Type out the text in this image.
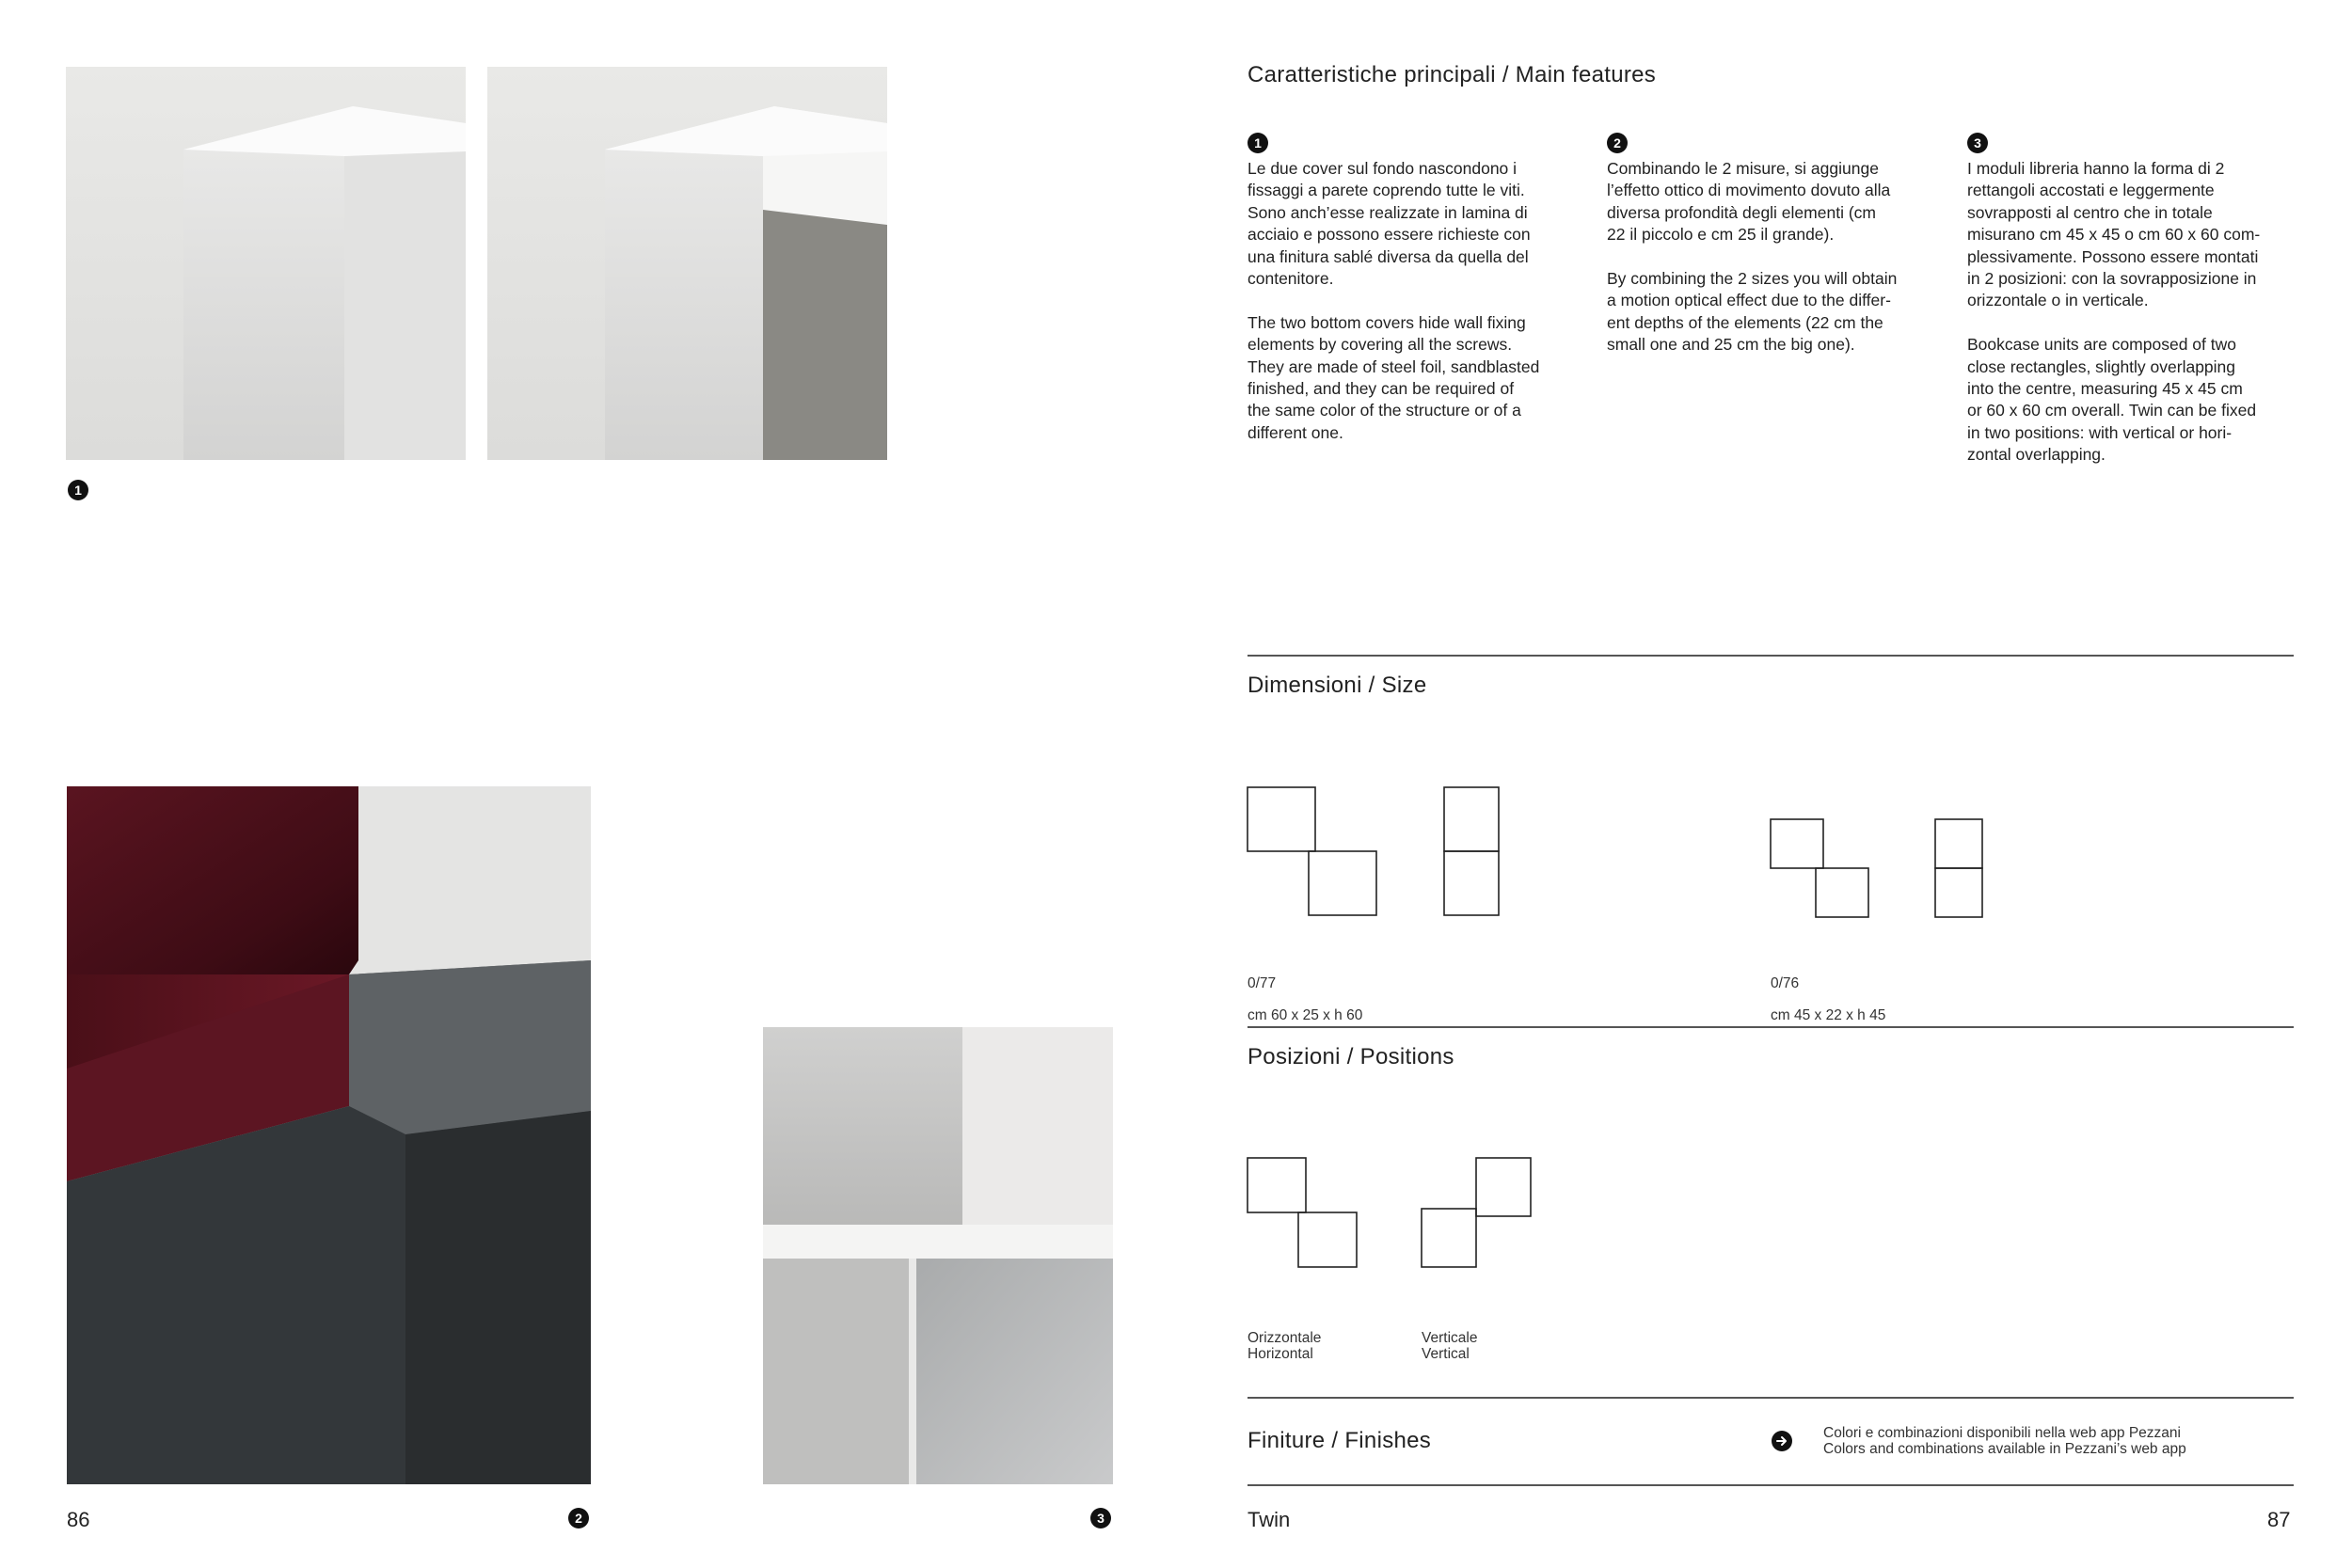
1
2	3
86
Caratteristiche principali / Main features
1	2	3
Le due cover sul fondo nascondono i
fissaggi a parete coprendo tutte le viti.
Sono anch’esse realizzate in lamina di
acciaio e possono essere richieste con
una finitura sablé diversa da quella del
contenitore.

The two bottom covers hide wall fixing
elements by covering all the screws.
They are made of steel foil, sandblasted
finished, and they can be required of
the same color of the structure or of a
different one.
Combinando le 2 misure, si aggiunge
l’effetto ottico di movimento dovuto alla
diversa profondità degli elementi (cm
22 il piccolo e cm 25 il grande).

By combining the 2 sizes you will obtain
a motion optical effect due to the differ-
ent depths of the elements (22 cm the
small one and 25 cm the big one).
I moduli libreria hanno la forma di 2
rettangoli accostati e leggermente
sovrapposti al centro che in totale
misurano cm 45 x 45 o cm 60 x 60 com-
plessivamente. Possono essere montati
in 2 posizioni: con la sovrapposizione in
orizzontale o in verticale.

Bookcase units are composed of two
close rectangles, slightly overlapping
into the centre, measuring 45 x 45 cm
or 60 x 60 cm overall. Twin can be fixed
in two positions: with vertical or hori-
zontal overlapping.
Dimensioni / Size

0/77

cm 60 x 25 x h 60

0/76

cm 45 x 22 x h 45

Posizioni / Positions
Orizzontale
Horizontal
Verticale
Vertical
Finiture / Finishes	Colori e combinazioni disponibili nella web app Pezzani
Colors and combinations available in Pezzani’s web app
Twin	87
